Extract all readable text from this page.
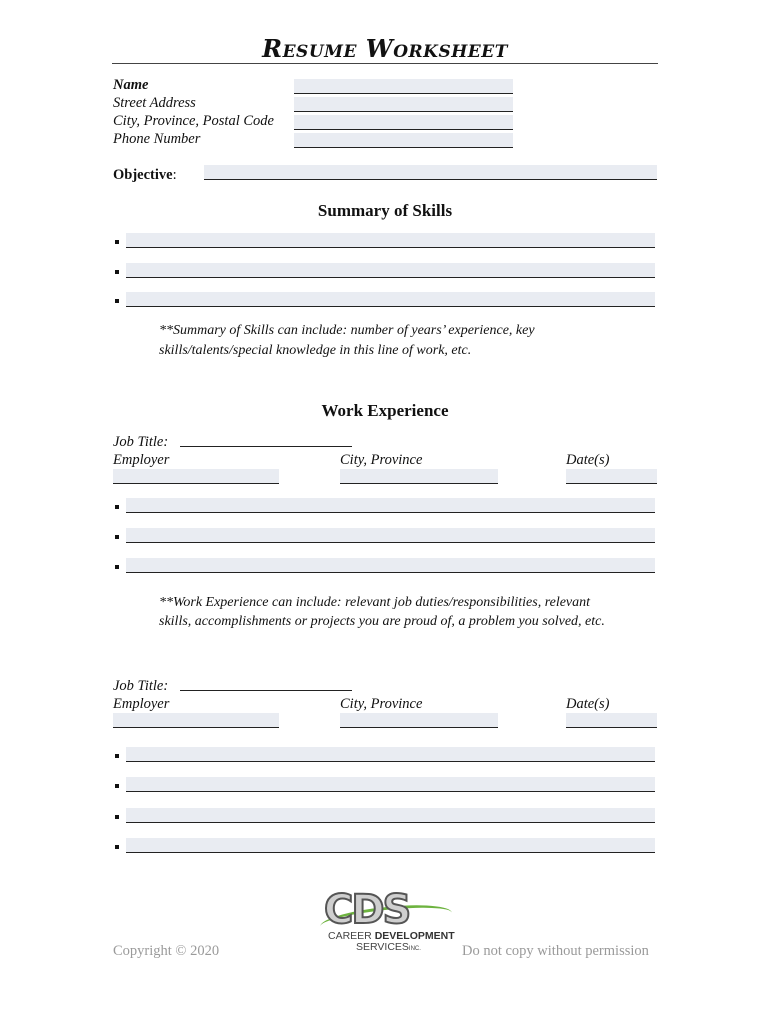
Resume Worksheet
Name
Street Address
City, Province, Postal Code
Phone Number
Objective:
Summary of Skills
**Summary of Skills can include: number of years’ experience, key
skills/talents/special knowledge in this line of work, etc.
Work Experience
Job Title:
Employer	City, Province	Date(s)
**Work Experience can include: relevant job duties/responsibilities, relevant
skills, accomplishments or projects you are proud of, a problem you solved, etc.
Job Title:
Employer	City, Province	Date(s)
Copyright © 2020	Do not copy without permission
CDS
CAREER DEVELOPMENT
SERVICESINC.
